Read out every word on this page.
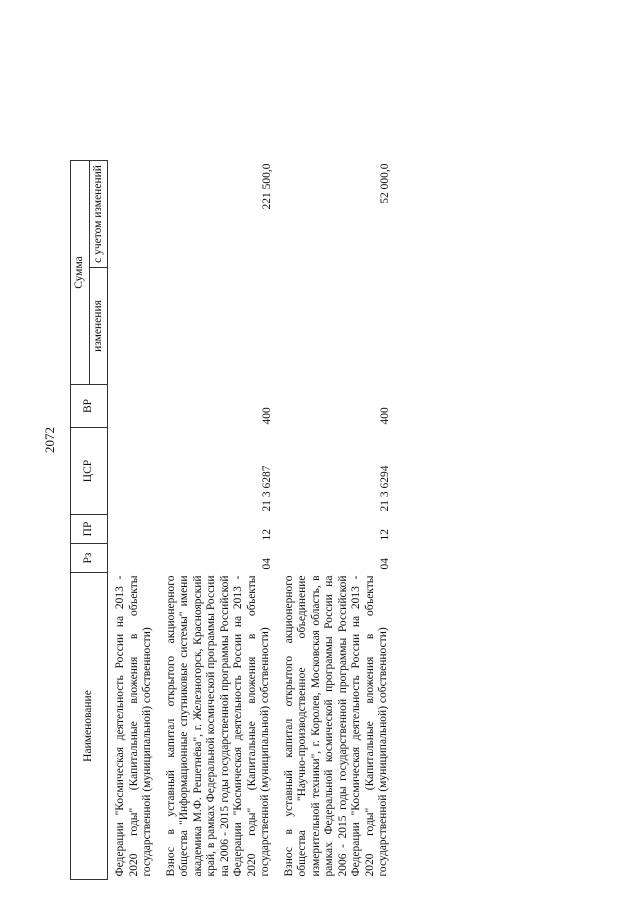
Наименование	Рз	ПР	ЦСР	ВР	Сумма	
					изменения	с учетом изменений
Федерации "Космическая деятельность России на 2013 - 2020 годы" (Капитальные вложения в объекты государственной (муниципальной) собственности)						
Взнос в уставный капитал открытого акционерного общества "Информационные спутниковые системы" имени академика М.Ф. Решетнёва", г. Железногорск, Красноярский край, в рамках Федеральной космической программы России на 2006 - 2015 годы государственной программы Российской Федерации "Космическая деятельность России на 2013 - 2020 годы" (Капитальные вложения в объекты государственной (муниципальной) собственности)	04	12	21 3 6287	400		221 500,0
Взнос в уставный капитал открытого акционерного общества "Научно-производственное объединение измерительной техники", г. Королев, Московская область, в рамках Федеральной космической программы России на 2006 - 2015 годы государственной программы Российской Федерации "Космическая деятельность России на 2013 - 2020 годы" (Капитальные вложения в объекты государственной (муниципальной) собственности)	04	12	21 3 6294	400		52 000,0
2072
